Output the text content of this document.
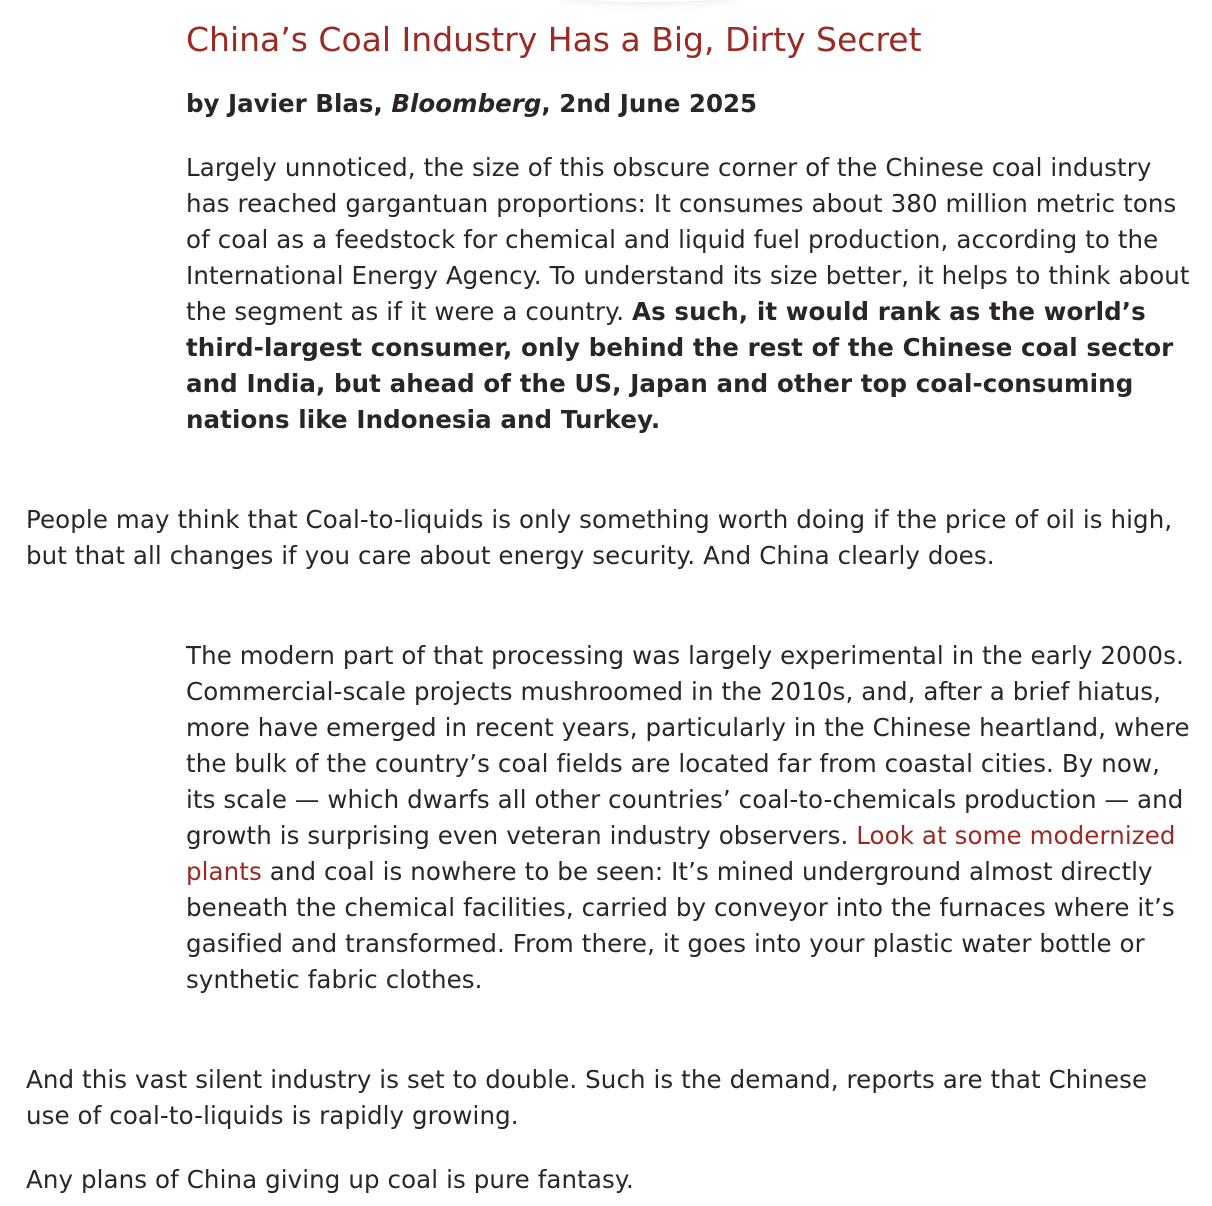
China’s Coal Industry Has a Big, Dirty Secret
by Javier Blas, Bloomberg, 2nd June 2025

Largely unnoticed, the size of this obscure corner of the Chinese coal industry has reached gargantuan proportions: It consumes about 380 million metric tons of coal as a feedstock for chemical and liquid fuel production, according to the International Energy Agency. To understand its size better, it helps to think about the segment as if it were a country. As such, it would rank as the world’s third-largest consumer, only behind the rest of the Chinese coal sector and India, but ahead of the US, Japan and other top coal-consuming nations like Indonesia and Turkey.

People may think that Coal-to-liquids is only something worth doing if the price of oil is high, but that all changes if you care about energy security. And China clearly does.

The modern part of that processing was largely experimental in the early 2000s. Commercial-scale projects mushroomed in the 2010s, and, after a brief hiatus, more have emerged in recent years, particularly in the Chinese heartland, where the bulk of the country’s coal fields are located far from coastal cities. By now, its scale — which dwarfs all other countries’ coal-to-chemicals production — and growth is surprising even veteran industry observers. Look at some modernized plants and coal is nowhere to be seen: It’s mined underground almost directly beneath the chemical facilities, carried by conveyor into the furnaces where it’s gasified and transformed. From there, it goes into your plastic water bottle or synthetic fabric clothes.

And this vast silent industry is set to double. Such is the demand, reports are that Chinese use of coal-to-liquids is rapidly growing.

Any plans of China giving up coal is pure fantasy.
